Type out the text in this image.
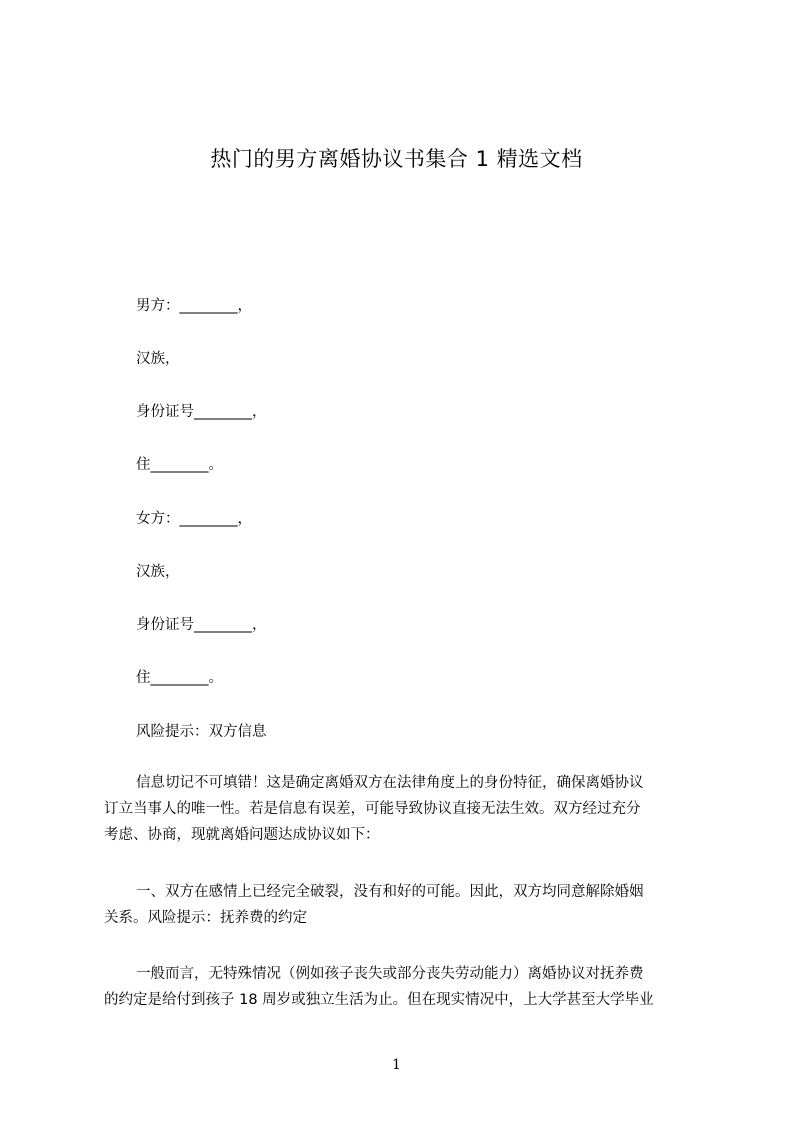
热门的男方离婚协议书集合 1 精选文档
男方：________，
汉族，
身份证号________，
住________。
女方：________，
汉族，
身份证号________，
住________。
风险提示：双方信息
信息切记不可填错！这是确定离婚双方在法律角度上的身份特征，确保离婚协议
订立当事人的唯一性。若是信息有误差，可能导致协议直接无法生效。双方经过充分
考虑、协商，现就离婚问题达成协议如下：
一、双方在感情上已经完全破裂，没有和好的可能。因此，双方均同意解除婚姻
关系。风险提示：抚养费的约定
一般而言，无特殊情况（例如孩子丧失或部分丧失劳动能力）离婚协议对抚养费
的约定是给付到孩子 18 周岁或独立生活为止。但在现实情况中，上大学甚至大学毕业
1
